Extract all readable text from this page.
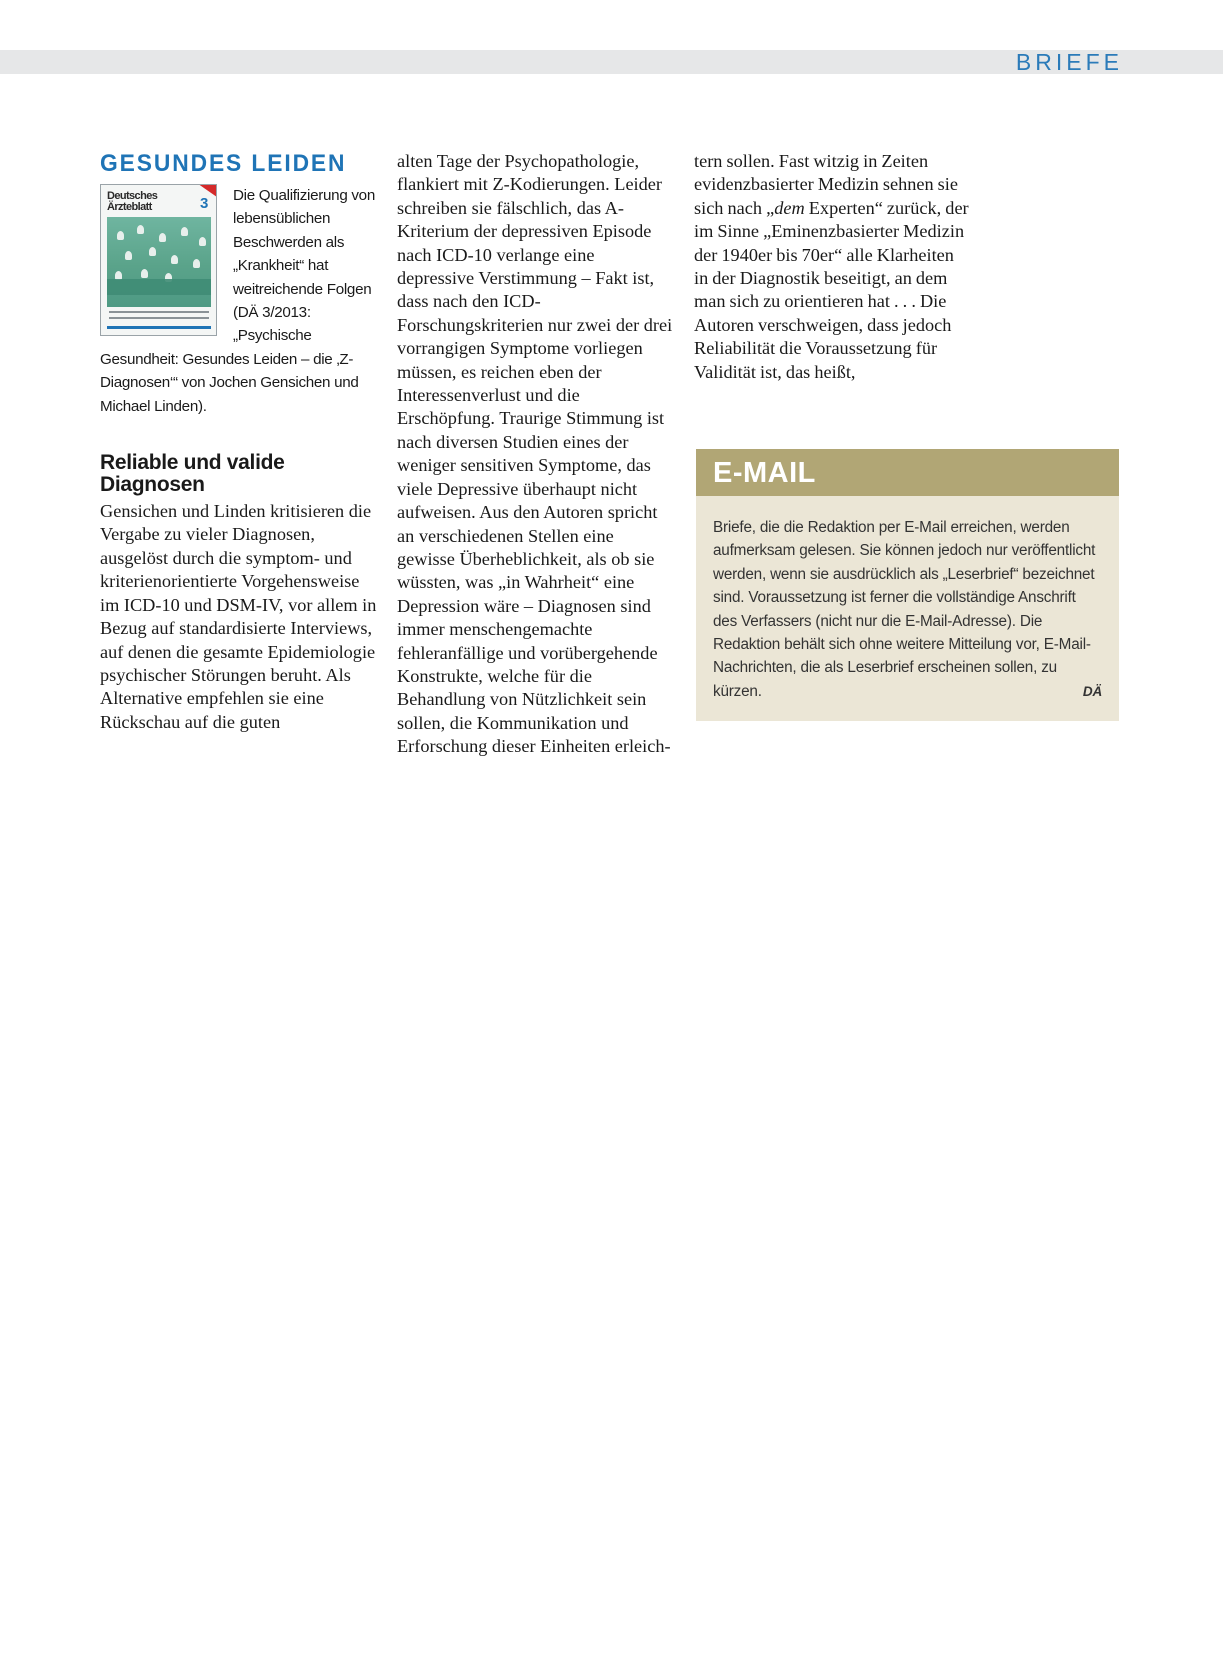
BRIEFE
GESUNDES LEIDEN
Deutsches
Ärzteblatt	3 Die Qualifizierung von lebensüblichen Beschwerden als „Krankheit“ hat weitreichende Folgen (DÄ 3/2013: „Psychische Gesundheit: Gesundes Leiden – die ‚Z-Diagnosen‘“ von Jochen Gensichen und Michael Linden).
Reliable und valide Diagnosen
Gensichen und Linden kritisieren die Vergabe zu vieler Diagnosen, ausgelöst durch die symptom- und kriterienorientierte Vorgehensweise im ICD-10 und DSM-IV, vor allem in Bezug auf standardisierte Interviews, auf denen die gesamte Epidemiologie psychischer Störungen beruht. Als Alternative empfehlen sie eine Rückschau auf die guten
alten Tage der Psychopathologie, flankiert mit Z-Kodierungen. Leider schreiben sie fälschlich, das A-Kriterium der depressiven Episode nach ICD-10 verlange eine depressive Verstimmung – Fakt ist, dass nach den ICD-Forschungskriterien nur zwei der drei vorrangigen Symptome vorliegen müssen, es reichen eben der Interessenverlust und die Erschöpfung. Traurige Stimmung ist nach diversen Studien eines der weniger sensitiven Symptome, das viele Depressive überhaupt nicht aufweisen. Aus den Autoren spricht an verschiedenen Stellen eine gewisse Überheblichkeit, als ob sie wüssten, was „in Wahrheit“ eine Depression wäre – Diagnosen sind immer menschengemachte fehleranfällige und vorübergehende Konstrukte, welche für die Behandlung von Nützlichkeit sein sollen, die Kommunikation und Erforschung dieser Einheiten erleich-
tern sollen. Fast witzig in Zeiten evidenzbasierter Medizin sehnen sie sich nach „dem Experten“ zurück, der im Sinne „Eminenzbasierter Medizin der 1940er bis 70er“ alle Klarheiten in der Diagnostik beseitigt, an dem man sich zu orientieren hat . . . Die Autoren verschweigen, dass jedoch Reliabilität die Voraussetzung für Validität ist, das heißt,
E-MAIL
Briefe, die die Redaktion per E-Mail erreichen, werden aufmerksam gelesen. Sie können jedoch nur veröffentlicht werden, wenn sie ausdrücklich als „Leserbrief“ bezeichnet sind. Voraussetzung ist ferner die vollständige Anschrift des Verfassers (nicht nur die E-Mail-Adresse). Die Redaktion behält sich ohne weitere Mitteilung vor, E-Mail-Nachrichten, die als Leserbrief erscheinen sollen, zu kürzen.	DÄ
